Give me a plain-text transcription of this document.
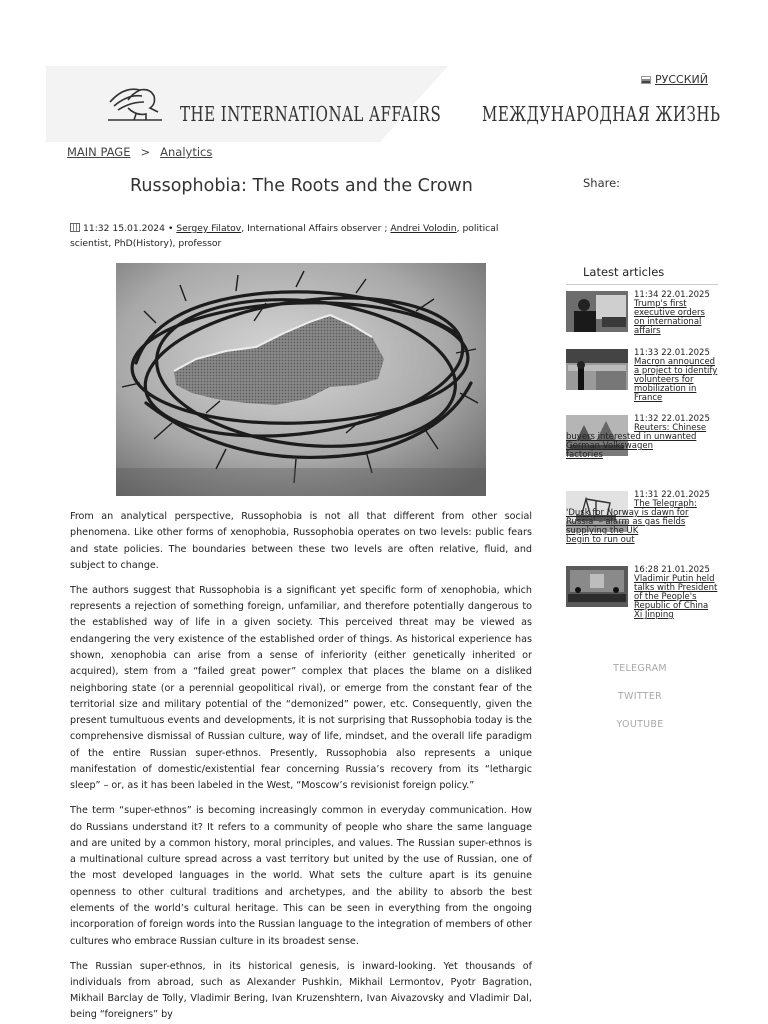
THE INTERNATIONAL AFFAIRS	МЕЖДУНАРОДНАЯ ЖИЗНЬ
РУССКИЙ
MAIN PAGE > Analytics
Russophobia: The Roots and the Crown	Share:
11:32 15.01.2024 • Sergey Filatov, International Affairs observer ; Andrei Volodin, political scientist, PhD(History), professor

From an analytical perspective, Russophobia is not all that different from other social phenomena. Like other forms of xenophobia, Russophobia operates on two levels: public fears and state policies. The boundaries between these two levels are often relative, fluid, and subject to change.

The authors suggest that Russophobia is a significant yet specific form of xenophobia, which represents a rejection of something foreign, unfamiliar, and therefore potentially dangerous to the established way of life in a given society. This perceived threat may be viewed as endangering the very existence of the established order of things. As historical experience has shown, xenophobia can arise from a sense of inferiority (either genetically inherited or acquired), stem from a “failed great power” complex that places the blame on a disliked neighboring state (or a perennial geopolitical rival), or emerge from the constant fear of the territorial size and military potential of the “demonized” power, etc. Consequently, given the present tumultuous events and developments, it is not surprising that Russophobia today is the comprehensive dismissal of Russian culture, way of life, mindset, and the overall life paradigm of the entire Russian super-ethnos. Presently, Russophobia also represents a unique manifestation of domestic/existential fear concerning Russia’s recovery from its “lethargic sleep” – or, as it has been labeled in the West, “Moscow’s revisionist foreign policy.”

The term “super-ethnos” is becoming increasingly common in everyday communication. How do Russians understand it? It refers to a community of people who share the same language and are united by a common history, moral principles, and values. The Russian super-ethnos is a multinational culture spread across a vast territory but united by the use of Russian, one of the most developed languages in the world. What sets the culture apart is its genuine openness to other cultural traditions and archetypes, and the ability to absorb the best elements of the world’s cultural heritage. This can be seen in everything from the ongoing incorporation of foreign words into the Russian language to the integration of members of other cultures who embrace Russian culture in its broadest sense.

The Russian super-ethnos, in its historical genesis, is inward-looking. Yet thousands of individuals from abroad, such as Alexander Pushkin, Mikhail Lermontov, Pyotr Bagration, Mikhail Barclay de Tolly, Vladimir Bering, Ivan Kruzenshtern, Ivan Aivazovsky and Vladimir Dal, being “foreigners” by

Latest articles
11:34 22.01.2025
Trump's first executive orders on international affairs
11:33 22.01.2025
Macron announced a project to identify volunteers for mobilization in France
11:32 22.01.2025
Reuters: Chinese buyers interested in unwanted German Volkswagen
factories
11:31 22.01.2025
The Telegraph: 'Dusk for Norway is dawn for Russia' – alarm as gas fields supplying the UK
begin to run out
16:28 21.01.2025
Vladimir Putin held talks with President of the People's Republic of China Xi Jinping
TELEGRAM
TWITTER
YOUTUBE
